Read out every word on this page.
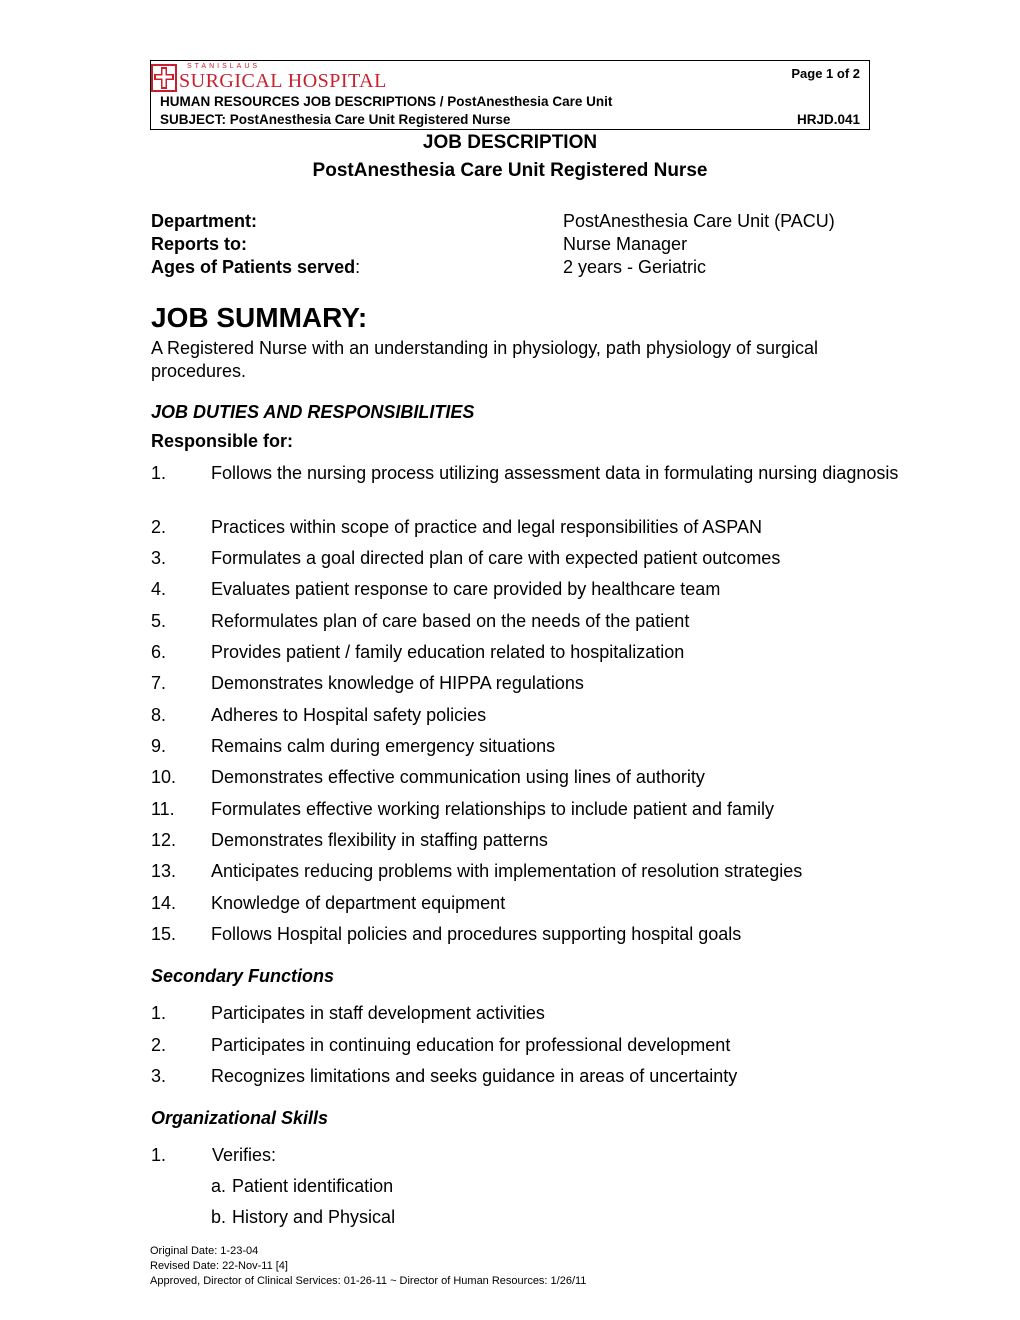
STANISLAUS
SURGICAL HOSPITAL	Page 1 of 2
HUMAN RESOURCES JOB DESCRIPTIONS / PostAnesthesia Care Unit
SUBJECT: PostAnesthesia Care Unit Registered Nurse	HRJD.041
JOB DESCRIPTION
PostAnesthesia Care Unit Registered Nurse
Department:	PostAnesthesia Care Unit (PACU)
Reports to:	Nurse Manager
Ages of Patients served:	2 years - Geriatric
JOB SUMMARY:
A Registered Nurse with an understanding in physiology, path physiology of surgical procedures.
JOB DUTIES AND RESPONSIBILITIES
Responsible for:
1. Follows the nursing process utilizing assessment data in formulating nursing diagnosis
2. Practices within scope of practice and legal responsibilities of ASPAN
3. Formulates a goal directed plan of care with expected patient outcomes
4. Evaluates patient response to care provided by healthcare team
5. Reformulates plan of care based on the needs of the patient
6. Provides patient / family education related to hospitalization
7. Demonstrates knowledge of HIPPA regulations
8. Adheres to Hospital safety policies
9. Remains calm during emergency situations
10. Demonstrates effective communication using lines of authority
11. Formulates effective working relationships to include patient and family
12. Demonstrates flexibility in staffing patterns
13. Anticipates reducing problems with implementation of resolution strategies
14. Knowledge of department equipment
15. Follows Hospital policies and procedures supporting hospital goals
Secondary Functions
1. Participates in staff development activities
2. Participates in continuing education for professional development
3. Recognizes limitations and seeks guidance in areas of uncertainty
Organizational Skills
1.	Verifies:
a. Patient identification
b. History and Physical
Original Date: 1-23-04
Revised Date: 22-Nov-11 [4]
Approved, Director of Clinical Services: 01-26-11 ~ Director of Human Resources: 1/26/11
